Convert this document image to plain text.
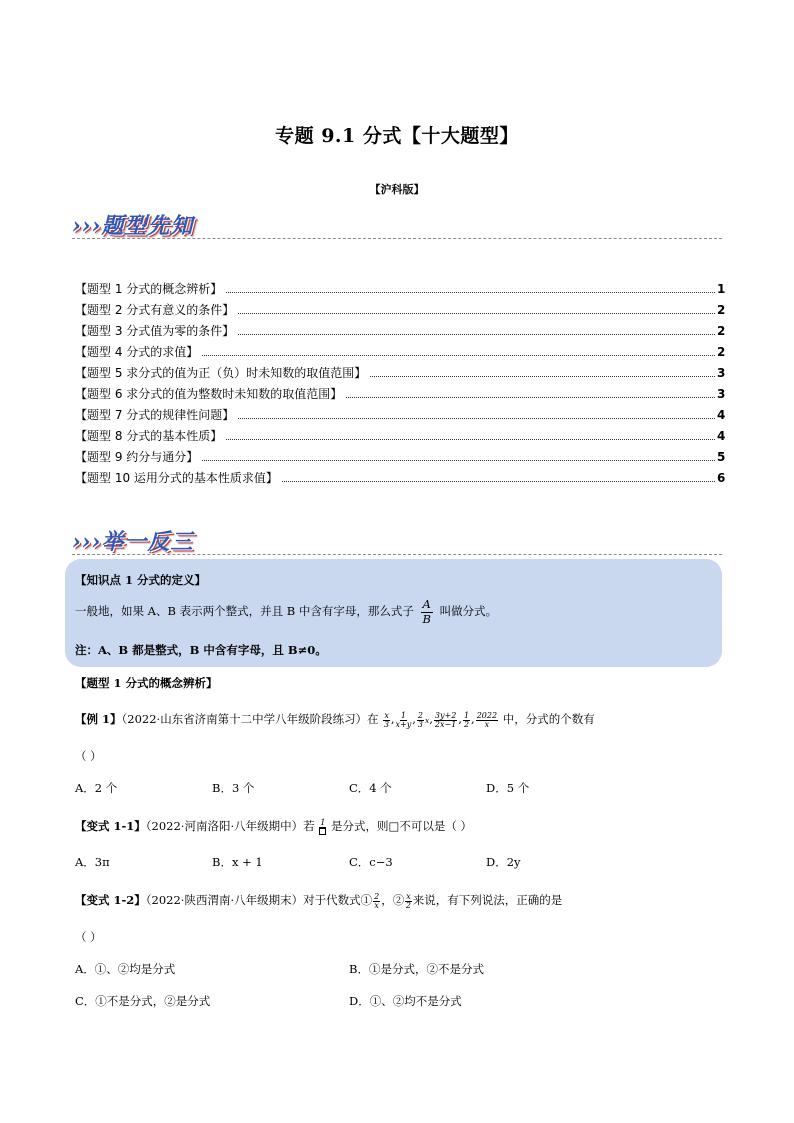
专题 9.1 分式【十大题型】
【沪科版】
›››题型先知
【题型 1 分式的概念辨析】	1
【题型 2 分式有意义的条件】	2
【题型 3 分式值为零的条件】	2
【题型 4 分式的求值】	2
【题型 5 求分式的值为正（负）时未知数的取值范围】	3
【题型 6 求分式的值为整数时未知数的取值范围】	3
【题型 7 分式的规律性问题】	4
【题型 8 分式的基本性质】	4
【题型 9 约分与通分】	5
【题型 10 运用分式的基本性质求值】	6
›››举一反三
【知识点 1 分式的定义】
一般地，如果 A、B 表示两个整式，并且 B 中含有字母，那么式子 $\frac{A}{B}$ 叫做分式。
注：A、B 都是整式，B 中含有字母，且 B≠0。
【题型 1 分式的概念辨析】
【例 1】（2022·山东省济南第十二中学八年级阶段练习）在 $\frac{x}{3}$ , $\frac{1}{x+y}$ , $\frac{2}{3} x$, $\frac{3y+2}{2x-1}$ , $\frac{1}{2}$ , $\frac{2022}{x}$ 中，分式的个数有
（ ）
A．2 个	B．3 个	C．4 个	D．5 个
【变式 1-1】（2022·河南洛阳·八年级期中）若 1 是分式，则□不可以是（ ）
A．3π	B．x + 1	C．c−3	D．2y
【变式 1-2】（2022·陕西渭南·八年级期末）对于代数式① $\frac{2}{x}$ ，② $\frac{x}{2}$ 来说，有下列说法，正确的是
（ ）
A．①、②均是分式	B．①是分式，②不是分式
C．①不是分式，②是分式	D．①、②均不是分式
